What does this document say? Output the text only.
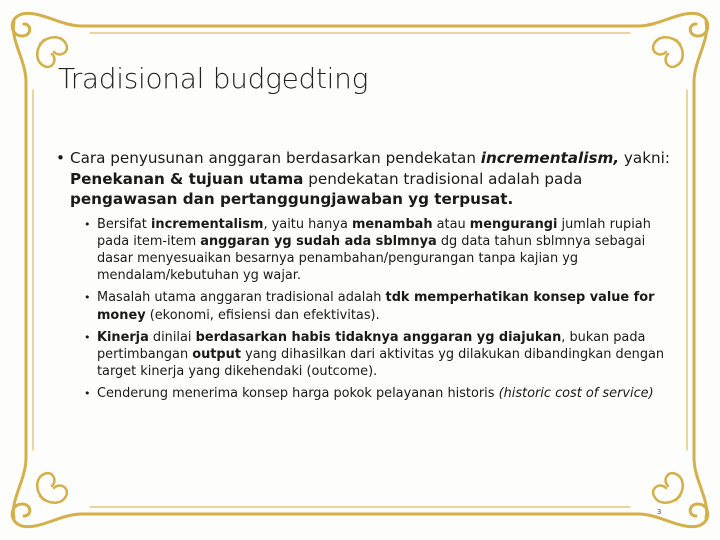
Tradisional budgedting
• Cara penyusunan anggaran berdasarkan pendekatan incrementalism, yakni: Penekanan & tujuan utama pendekatan tradisional adalah pada pengawasan dan pertanggungjawaban yg terpusat.
• Bersifat incrementalism, yaitu hanya menambah atau mengurangi jumlah rupiah pada item-item anggaran yg sudah ada sblmnya dg data tahun sblmnya sebagai dasar menyesuaikan besarnya penambahan/pengurangan tanpa kajian yg mendalam/kebutuhan yg wajar.
• Masalah utama anggaran tradisional adalah tdk memperhatikan konsep value for money (ekonomi, efisiensi dan efektivitas).
• Kinerja dinilai berdasarkan habis tidaknya anggaran yg diajukan, bukan pada pertimbangan output yang dihasilkan dari aktivitas yg dilakukan dibandingkan dengan target kinerja yang dikehendaki (outcome).
• Cenderung menerima konsep harga pokok pelayanan historis (historic cost of service)
3
